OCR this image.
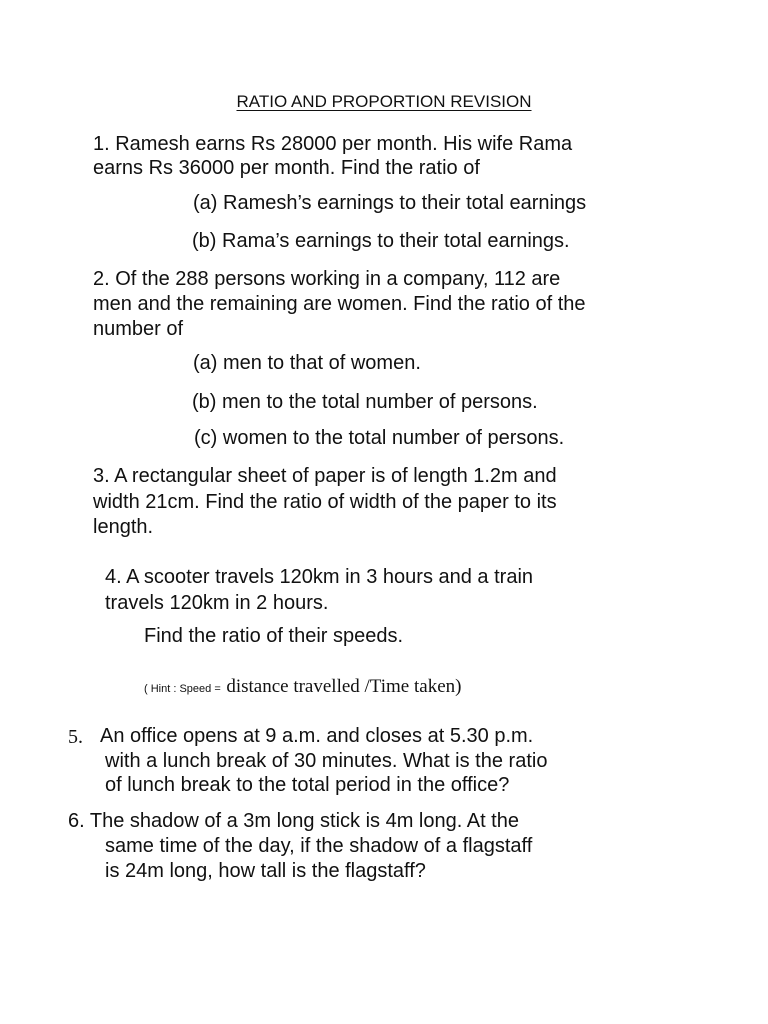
RATIO AND PROPORTION REVISION
1. Ramesh earns Rs 28000 per month. His wife Rama
earns Rs 36000 per month. Find the ratio of
(a) Ramesh’s earnings to their total earnings
(b) Rama’s earnings to their total earnings.
2. Of the 288 persons working in a company, 112 are
men and the remaining are women. Find the ratio of the
number of
(a) men to that of women.
(b) men to the total number of persons.
(c) women to the total number of persons.
3. A rectangular sheet of paper is of length 1.2m and
width 21cm. Find the ratio of width of the paper to its
length.
4. A scooter travels 120km in 3 hours and a train
travels 120km in 2 hours.
Find the ratio of their speeds.
( Hint : Speed = distance travelled /Time taken)
5. An office opens at 9 a.m. and closes at 5.30 p.m.
with a lunch break of 30 minutes. What is the ratio
of lunch break to the total period in the office?
6. The shadow of a 3m long stick is 4m long. At the
same time of the day, if the shadow of a flagstaff
is 24m long, how tall is the flagstaff?
